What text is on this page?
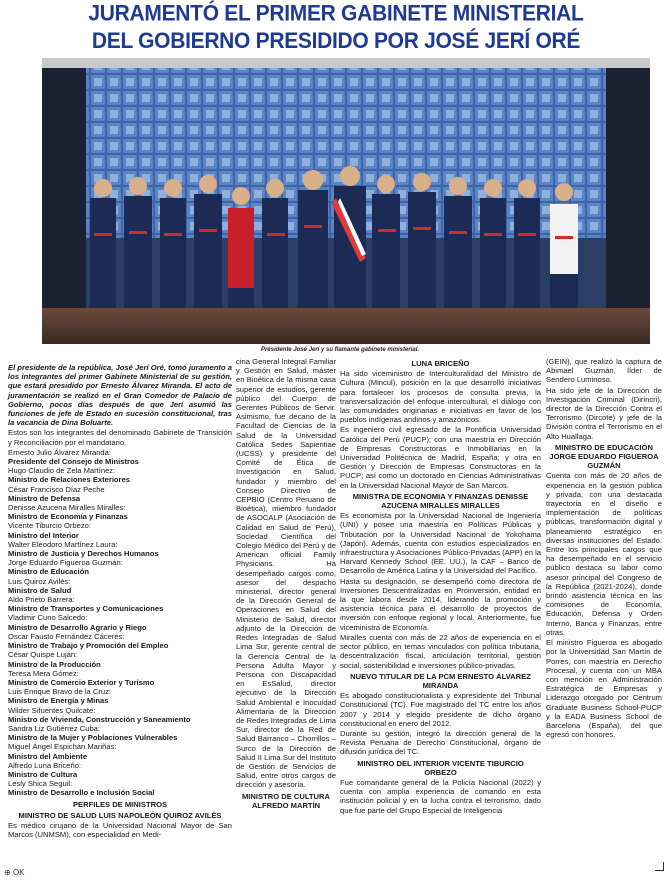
JURAMENTÓ EL PRIMER GABINETE MINISTERIAL
DEL GOBIERNO PRESIDIDO POR JOSÉ JERÍ ORÉ
Presidente José Jerí y su flamante gabinete ministerial.

El presidente de la república, José Jerí Oré, tomó juramento a los integrantes del primer Gabinete Ministerial de su gestión, que estará presidido por Ernesto Álvarez Miranda. El acto de juramentación se realizó en el Gran Comedor de Palacio de Gobierno, pocos días después de que Jerí asumió las funciones de jefe de Estado en sucesión constitucional, tras la vacancia de Dina Boluarte.

Estos son los integrantes del denominado Gabinete de Transición y Reconciliación por el mandatario.

Ernesto Julio Álvarez Miranda:
Presidente del Consejo de Ministros
Hugo Claudio de Zela Martínez:
Ministro de Relaciones Exteriores
César Francisco Díaz Peche
Ministro de Defensa
Denisse Azucena Miralles Miralles:
Ministro de Economía y Finanzas
Vicente Tiburcio Orbezo:
Ministro del Interior
Walter Eleodoro Martínez Laura:
Ministro de Justicia y Derechos Humanos
Jorge Eduardo Figueroa Guzmán:
Ministro de Educación
Luis Quiroz Avilés:
Ministro de Salud
Aldo Prieto Barrera:
Ministro de Transportes y Comunicaciones
Vladimir Cuno Salcedo:
Ministro de Desarrollo Agrario y Riego
Oscar Fausto Fernández Cáceres:
Ministro de Trabajo y Promoción del Empleo
César Quispe Luján:
Ministro de la Producción
Teresa Mera Gómez:
Ministro de Comercio Exterior y Turismo
Luis Enrique Bravo de la Cruz:
Ministro de Energía y Minas
Wilder Sifuentes Quilcate:
Ministro de Vivienda, Construcción y Saneamiento
Sandra Liz Gutiérrez Cuba:
Ministro de la Mujer y Poblaciones Vulnerables
Miguel Ángel Espichán Mariñas:
Ministro del Ambiente
Alfredo Luna Briceño:
Ministro de Cultura
Lesly Shica Seguil:
Ministro de Desarrollo e Inclusión Social

PERFILES DE MINISTROS

MINISTRO DE SALUD LUIS NAPOLEÓN QUIROZ AVILÉS

Es médico cirujano de la Universidad Nacional Mayor de San Marcos (UNMSM), con especialidad en Medi-

cina General Integral Familiar y Gestión en Salud, máster en Bioética de la misma casa superior de estudios, gerente público del Cuerpo de Gerentes Públicos de Servir. Asimismo, fue decano de la Facultad de Ciencias de la Salud de la Universidad Católica Sedes Sapientiae (UCSS) y presidente del Comité de Ética de Investigación en Salud, fundador y miembro del Consejo Directivo de CEPBIO (Centro Peruano de Bioética), miembro fundador de ASOCALP (Asociación de Calidad en Salud de Perú), Sociedad Científica del Colegio Médico del Perú y de American official Family Physicians. Ha desempeñado cargos como, asesor del despacho ministerial, director general de la Dirección General de Operaciones en Salud del Ministerio de Salud, director adjunto de la Dirección de Redes Integradas de Salud Lima Sur, gerente central de la Gerencia Central de la Persona Adulta Mayor y Persona con Discapacidad en EsSalud, director ejecutivo de la Dirección Salud Ambiental e Inocuidad Alimentaria de la Dirección de Redes Integradas de Lima Sur, director de la Red de Salud Barranco – Chorrillos – Surco de la Dirección de Salud II Lima Sur del Instituto de Gestión de Servicios de Salud, entre otros cargos de dirección y asesoría.

MINISTRO DE CULTURA ALFREDO MARTÍN

LUNA BRICEÑO

Ha sido viceministro de Interculturalidad del Ministro de Cultura (Mincul), posición en la que desarrolló iniciativas para fortalecer los procesos de consulta previa, la transversalización del enfoque intercultural, el diálogo con las comunidades originarias e iniciativas en favor de los pueblos indígenas andinos y amazónicos.

Es ingeniero civil egresado de la Pontificia Universidad Católica del Perú (PUCP); con una maestría en Dirección de Empresas Constructoras e Inmobiliarias en la Universidad Politécnica de Madrid, España; y otra en Gestión y Dirección de Empresas Constructoras en la PUCP; así como un doctorado en Ciencias Administrativas en la Universidad Nacional Mayor de San Marcos.

MINISTRA DE ECONOMIA Y FINANZAS DENISSE AZUCENA MIRALLES MIRALLES

Es economista por la Universidad Nacional de Ingeniería (UNI) y posee una maestría en Políticas Públicas y Tributación por la Universidad Nacional de Yokohama (Japón). Además, cuenta con estudios especializados en infraestructura y Asociaciones Público-Privadas (APP) en la Harvard Kennedy School (EE. UU.), la CAF – Banco de Desarrollo de América Latina y la Universidad del Pacífico.

Hasta su designación, se desempeñó como directora de Inversiones Descentralizadas en Proinversión, entidad en la que labora desde 2014, liderando la promoción y asistencia técnica para el desarrollo de proyectos de inversión con enfoque regional y local. Anteriormente, fue viceministra de Economía.

Miralles cuenta con más de 22 años de experiencia en el sector público, en temas vinculados con política tributaria, descentralización fiscal, articulación territorial, gestión social, sostenibilidad e inversiones público-privadas.

NUEVO TITULAR DE LA PCM ERNESTO ÁLVAREZ MIRANDA

Es abogado constitucionalista y expresidente del Tribunal Constitucional (TC). Fue magistrado del TC entre los años 2007 y 2014 y elegido presidente de dicho órgano constitucional en enero del 2012.

Durante su gestión, integró la dirección general de la Revista Peruana de Derecho Constitucional, órgano de difusión jurídica del TC.

MINISTRO DEL INTERIOR VICENTE TIBURCIO ORBEZO

Fue comandante general de la Policía Nacional (2022) y cuenta con amplia experiencia de comando en esta institución policial y en la lucha contra el terrorismo, dado que fue parte del Grupo Especial de Inteligencia

(GEIN), que realizó la captura de Abimael Guzmán, líder de Sendero Luminoso.

Ha sido jefe de la Dirección de Investigación Criminal (Dirincri), director de la Dirección Contra el Terrorismo (Dircote) y jefe de la División contra el Terrorismo en el Alto Huallaga.

MINISTRO DE EDUCACIÓN JORGE EDUARDO FIGUEROA GUZMÁN

Cuenta con más de 20 años de experiencia en la gestión pública y privada, con una destacada trayectoria en el diseño e implementación de políticas públicas, transformación digital y planeamiento estratégico en diversas instituciones del Estado. Entre los principales cargos que ha desempeñado en el servicio público destaca su labor como asesor principal del Congreso de la República (2021-2024), donde brindó asistencia técnica en las comisiones de Economía, Educación, Defensa y Orden Interno, Banca y Finanzas, entre otras.

El ministro Figueroa es abogado por la Universidad San Martín de Porres, con maestría en Derecho Procesal, y cuenta con un MBA con mención en Administración Estratégica de Empresas y Liderazgo otorgado por Centrum Graduate Business School-PUCP y la EADA Business School de Barcelona (España), del que egresó con honores.

⊕ OK
